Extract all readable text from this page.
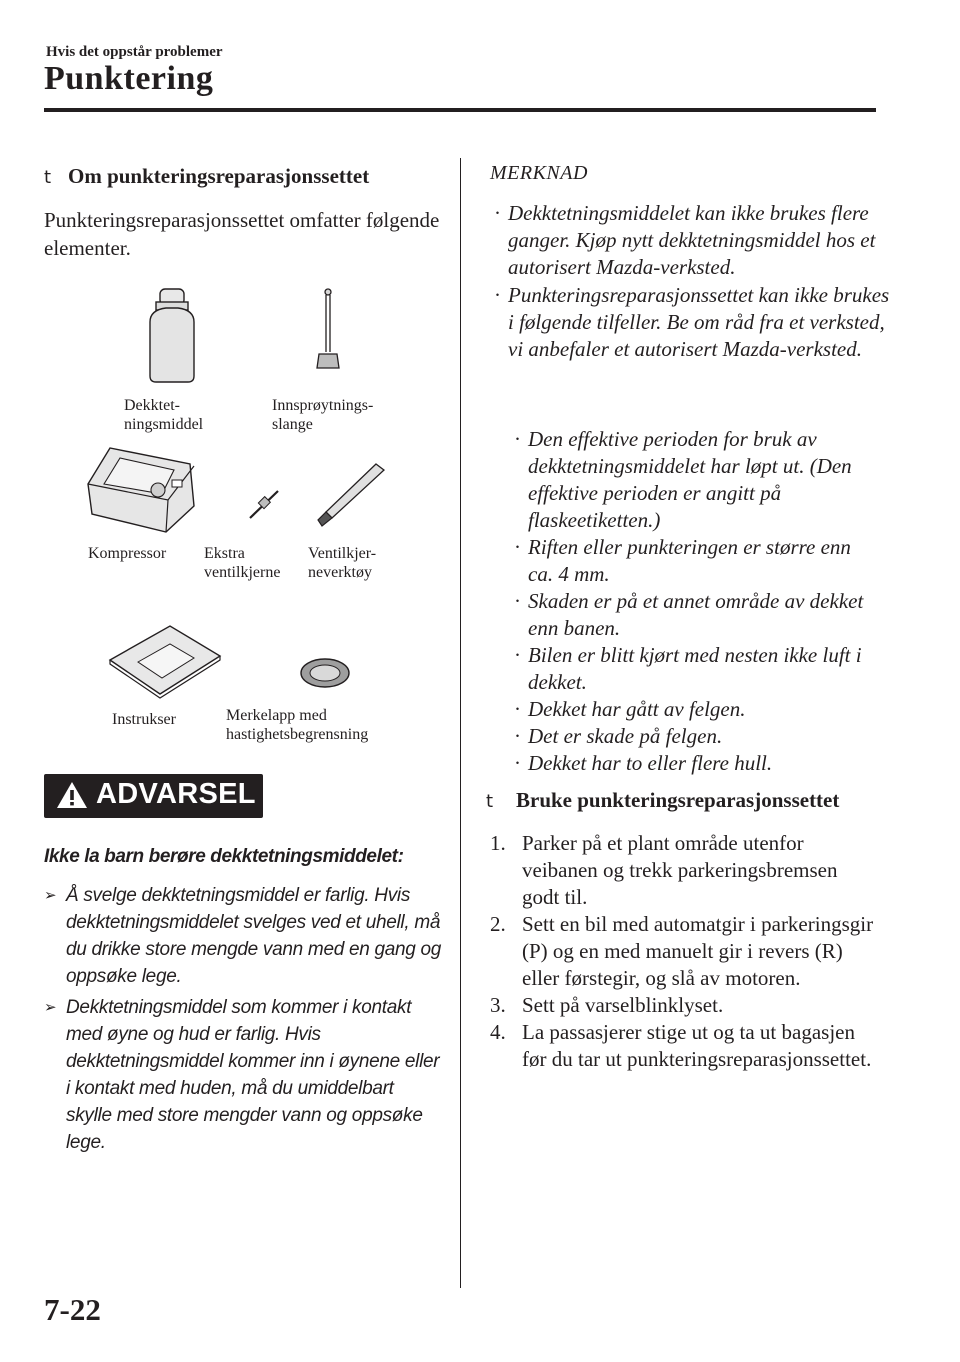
Hvis det oppstår problemer
Punktering
t Om punkteringsreparasjonssettet
Punkteringsreparasjonssettet omfatter følgende elementer.
Dekktet-
ningsmiddel
Innsprøytnings-
slange
Kompressor Ekstra
ventilkjerne
Ventilkjer-
neverktøy
Instrukser	Merkelapp med
hastighetsbegrensning
ADVARSEL
Ikke la barn berøre dekktetningsmiddelet:
➢ Å svelge dekktetningsmiddel er farlig. Hvis dekktetningsmiddelet svelges ved et uhell, må du drikke store mengde vann med en gang og oppsøke lege.
➢ Dekktetningsmiddel som kommer i kontakt med øyne og hud er farlig. Hvis dekktetningsmiddel kommer inn i øynene eller i kontakt med huden, må du umiddelbart skylle med store mengder vann og oppsøke lege.
MERKNAD
· Dekktetningsmiddelet kan ikke brukes flere ganger. Kjøp nytt dekktetningsmiddel hos et autorisert Mazda-verksted.
· Punkteringsreparasjonssettet kan ikke brukes i følgende tilfeller. Be om råd fra et verksted, vi anbefaler et autorisert Mazda-verksted.
· Den effektive perioden for bruk av dekktetningsmiddelet har løpt ut. (Den effektive perioden er angitt på flaskeetiketten.)
· Riften eller punkteringen er større enn ca. 4 mm.
· Skaden er på et annet område av dekket enn banen.
· Bilen er blitt kjørt med nesten ikke luft i dekket.
· Dekket har gått av felgen.
· Det er skade på felgen.
· Dekket har to eller flere hull.
t Bruke punkteringsreparasjonssettet
1. Parker på et plant område utenfor veibanen og trekk parkeringsbremsen godt til.
2. Sett en bil med automatgir i parkeringsgir (P) og en med manuelt gir i revers (R) eller førstegir, og slå av motoren.
3. Sett på varselblinklyset.
4. La passasjerer stige ut og ta ut bagasjen før du tar ut punkteringsreparasjonssettet.
7-22
